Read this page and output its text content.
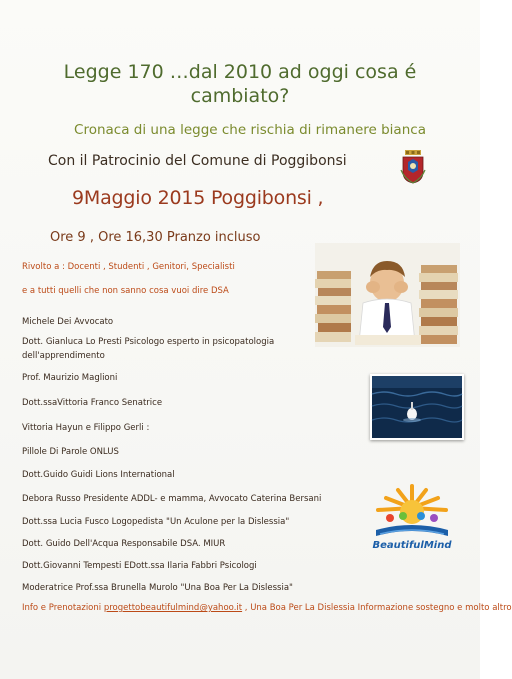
Legge 170 …dal 2010 ad oggi cosa é
cambiato?
Cronaca di una legge che rischia di rimanere bianca
Con il Patrocinio del Comune di Poggibonsi
9Maggio 2015 Poggibonsi ,
Ore 9 , Ore 16,30 Pranzo incluso
Rivolto a : Docenti , Studenti , Genitori, Specialisti
e a tutti quelli che non sanno cosa vuoi dire DSA
Michele Dei Avvocato
Dott. Gianluca Lo Presti Psicologo esperto in psicopatologia
dell'apprendimento
Prof. Maurizio Maglioni
Dott.ssaVittoria Franco Senatrice
Vittoria Hayun e Filippo Gerli :
Pillole Di Parole ONLUS
Dott.Guido Guidi Lions International
Debora Russo Presidente ADDL- e mamma, Avvocato Caterina Bersani
Dott.ssa Lucia Fusco Logopedista "Un Aculone per la Dislessia"
Dott. Guido Dell'Acqua Responsabile DSA. MIUR
Dott.Giovanni Tempesti EDott.ssa Ilaria Fabbri Psicologi
Moderatrice Prof.ssa Brunella Murolo "Una Boa Per La Dislessia"
BeautifulMind
Info e Prenotazioni progettobeautifulmind@yahoo.it , Una Boa Per La Dislessia Informazione sostegno e molto altro
